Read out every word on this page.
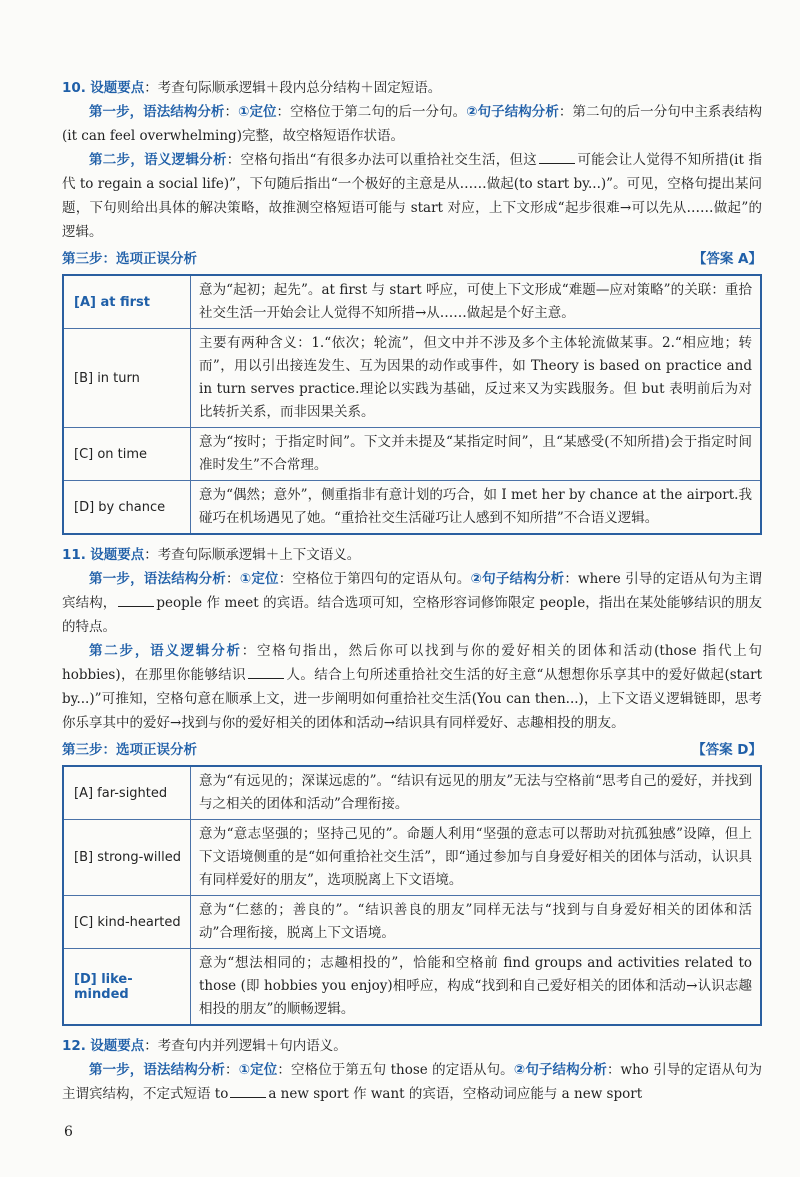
10. 设题要点：考查句际顺承逻辑＋段内总分结构＋固定短语。

第一步，语法结构分析：①定位：空格位于第二句的后一分句。②句子结构分析：第二句的后一分句中主系表结构(it can feel overwhelming)完整，故空格短语作状语。

第二步，语义逻辑分析：空格句指出“有很多办法可以重拾社交生活，但这	可能会让人觉得不知所措(it 指代 to regain a social life)”，下句随后指出“一个极好的主意是从……做起(to start by...)”。可见，空格句提出某问题，下句则给出具体的解决策略，故推测空格短语可能与 start 对应，上下文形成“起步很难→可以先从……做起”的逻辑。

第三步：选项正误分析	【答案 A】
[A] at first	意为“起初；起先”。at first 与 start 呼应，可使上下文形成“难题—应对策略”的关联：重拾社交生活一开始会让人觉得不知所措→从……做起是个好主意。
[B] in turn	主要有两种含义：1.“依次；轮流”，但文中并不涉及多个主体轮流做某事。2.“相应地；转而”，用以引出接连发生、互为因果的动作或事件，如 Theory is based on practice and in turn serves practice.理论以实践为基础，反过来又为实践服务。但 but 表明前后为对比转折关系，而非因果关系。
[C] on time	意为“按时；于指定时间”。下文并未提及“某指定时间”，且“某感受(不知所措)会于指定时间准时发生”不合常理。
[D] by chance	意为“偶然；意外”，侧重指非有意计划的巧合，如 I met her by chance at the airport.我碰巧在机场遇见了她。“重拾社交生活碰巧让人感到不知所措”不合语义逻辑。

11. 设题要点：考查句际顺承逻辑＋上下文语义。

第一步，语法结构分析：①定位：空格位于第四句的定语从句。②句子结构分析：where 引导的定语从句为主谓宾结构，	people 作 meet 的宾语。结合选项可知，空格形容词修饰限定 people，指出在某处能够结识的朋友的特点。

第二步，语义逻辑分析：空格句指出，然后你可以找到与你的爱好相关的团体和活动(those 指代上句 hobbies)，在那里你能够结识	人。结合上句所述重拾社交生活的好主意“从想想你乐享其中的爱好做起(start by...)”可推知，空格句意在顺承上文，进一步阐明如何重拾社交生活(You can then...)，上下文语义逻辑链即，思考你乐享其中的爱好→找到与你的爱好相关的团体和活动→结识具有同样爱好、志趣相投的朋友。

第三步：选项正误分析	【答案 D】
[A] far-sighted	意为“有远见的；深谋远虑的”。“结识有远见的朋友”无法与空格前“思考自己的爱好，并找到与之相关的团体和活动”合理衔接。
[B] strong-willed	意为“意志坚强的；坚持己见的”。命题人利用“坚强的意志可以帮助对抗孤独感”设障，但上下文语境侧重的是“如何重拾社交生活”，即“通过参加与自身爱好相关的团体与活动，认识具有同样爱好的朋友”，选项脱离上下文语境。
[C] kind-hearted	意为“仁慈的；善良的”。“结识善良的朋友”同样无法与“找到与自身爱好相关的团体和活动”合理衔接，脱离上下文语境。
[D] like-minded	意为“想法相同的；志趣相投的”，恰能和空格前 find groups and activities related to those (即 hobbies you enjoy)相呼应，构成“找到和自己爱好相关的团体和活动→认识志趣相投的朋友”的顺畅逻辑。

12. 设题要点：考查句内并列逻辑＋句内语义。

第一步，语法结构分析：①定位：空格位于第五句 those 的定语从句。②句子结构分析：who 引导的定语从句为主谓宾结构，不定式短语 to	a new sport 作 want 的宾语，空格动词应能与 a new sport

6
